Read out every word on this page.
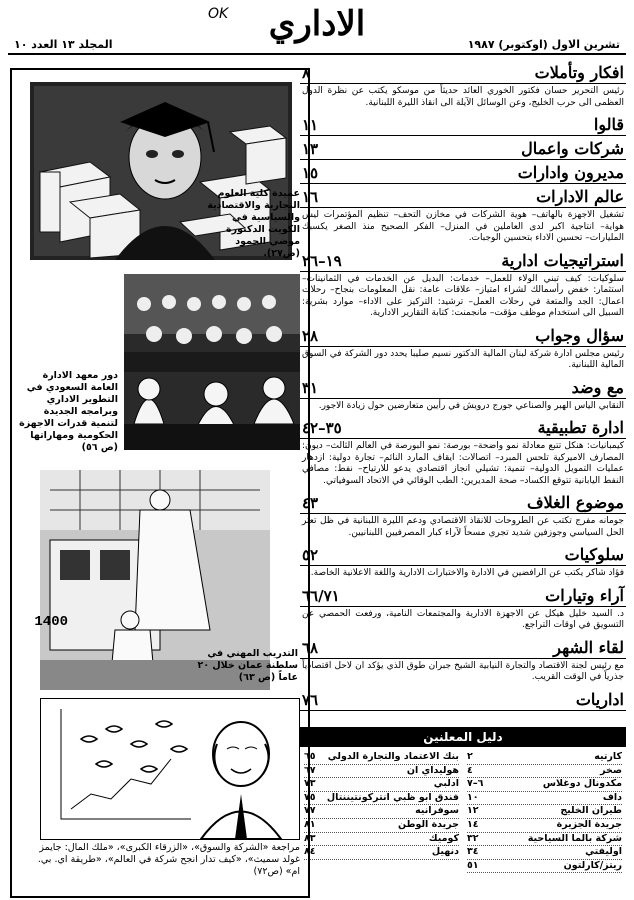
الاداري
تشرين الاول (اوكتوبر) ١٩٨٧
المجلد ١٣ العدد ١٠
OK
افكار وتأملات
٨
رئيس التحرير حسان فكتور الخوري العائد حديثاً من موسكو يكتب عن نظرة الدول العظمى الى حرب الخليج، وعن الوسائل الآيلة الى انقاذ الليرة اللبنانية.
قالوا
١١
شركات واعمال
١٣
مديرون وادارات
١٥
عالم الادارات
١٦
تشغيل الاجهزة بالهاتف– هوية الشركات في مخازن التحف– تنظيم المؤتمرات ليس هواية– انتاجية اكبر لدى العاملين في المنزل– الفكر الصحيح منذ الصغر يكسبك المليارات– تحسين الاداء بتحسين الوجبات.
استراتيجيات ادارية
١٩–٢٦
سلوكيات: كيف تبني الولاء للعمل– خدمات: البديل عن الخدمات في الثمانينات– استثمار: خفض رأسمالك لشراء امتياز– علاقات عامة: نقل المعلومات بنجاح– رحلات اعمال: الجد والمتعة في رحلات العمل– ترشيد: التركيز على الاداء– موارد بشرية: السبيل الى استخدام موظف مؤقت– مانجمنت: كتابة التقارير الادارية.
سؤال وجواب
٢٨
رئيس مجلس ادارة شركة لبنان المالية الدكتور نسيم صليبا يحدد دور الشركة في السوق المالية اللبنانية.
مع وضد
٣١
النقابي الياس الهبر والصناعي جورج درويش في رأيين متعارضين حول زيادة الاجور.
ادارة تطبيقية
٣٥–٤٢
كيمبانيات: هنكل تتبع معادلة نمو واضحة– بورصة: نمو البورصة في العالم الثالث– ديون: المصارف الاميركية تلحس المبرد– اتصالات: ايقاف المارد النائم– تجارة دولية: ازدهار عمليات التمويل الدولية– تنمية: تشيلي انجاز اقتصادي يدعو للارتياح– نفط: مصافي النفط اليابانية تتوقع الكساد– صحة المديرين: الطب الوقائي في الاتحاد السوفياتي.
موضوع الغلاف
٤٣
جومانه مفرج تكتب عن الطروحات للانقاذ الاقتصادي ودعم الليرة اللبنانية في ظل تعثر الحل السياسي وجوزفين شديد تجري مسحاً لآراء كبار المصرفيين اللبنانيين.
سلوكيات
٥٢
فؤاد شاكر يكتب عن الرافضين في الادارة والاختبارات الادارية واللغة الاعلانية الخاصة.
آراء وتيارات
٦٦/٧١
د. السيد خليل هيكل عن الاجهزة الادارية والمجتمعات النامية، ورفعت الحمصي عن التسويق في اوقات التراجع.
لقاء الشهر
٦٨
مع رئيس لجنة الاقتصاد والتجارة النيابية الشيخ جبران طوق الذي يؤكد ان لاحل اقتصادياً جذرياً في الوقت القريب.
اداريات
٧٦
دليل المعلنين
كارتيه
٢
صخر
٤
مكدونال دوغلاس
٦–٧
داف
١٠
طيران الخليج
١٢
جريدة الجزيرة
١٤
شركة بالما السياحية
٣٢
اوليفتي
٣٤
ريتز/كارلتون
٥١
بنك الاعتماد والتجارة الدولي
٦٥
هوليداي ان
٦٧
ادلبي
٧٣
فندق ابو ظبي انتركونتيننتال
٧٥
سوفرانيه
٧٧
جريدة الوطن
٨١
كوميك
٨٣
دنهيل
٨٤
عميدة كلية العلوم التجارية والاقتصادية والسياسية في الكويت الدكتورة موضي الحمود (ص٢٧).
دور معهد الادارة العامة السعودي في التطوير الاداري وبرامجه الجديدة لتنمية قدرات الاجهزة الحكومية ومهاراتها (ص ٥٦)
1400
التدريب المهني في سلطنة عمان خلال ٢٠ عاماً (ص ٦٣)
مراجعة «الشركة والسوق»، «الزرقاء الكبرى»، «ملك المال: جايمز غولد سميث»، «كيف تدار انجح شركة في العالم»، «طريقة اي. بي. ام» (ص٧٢)
